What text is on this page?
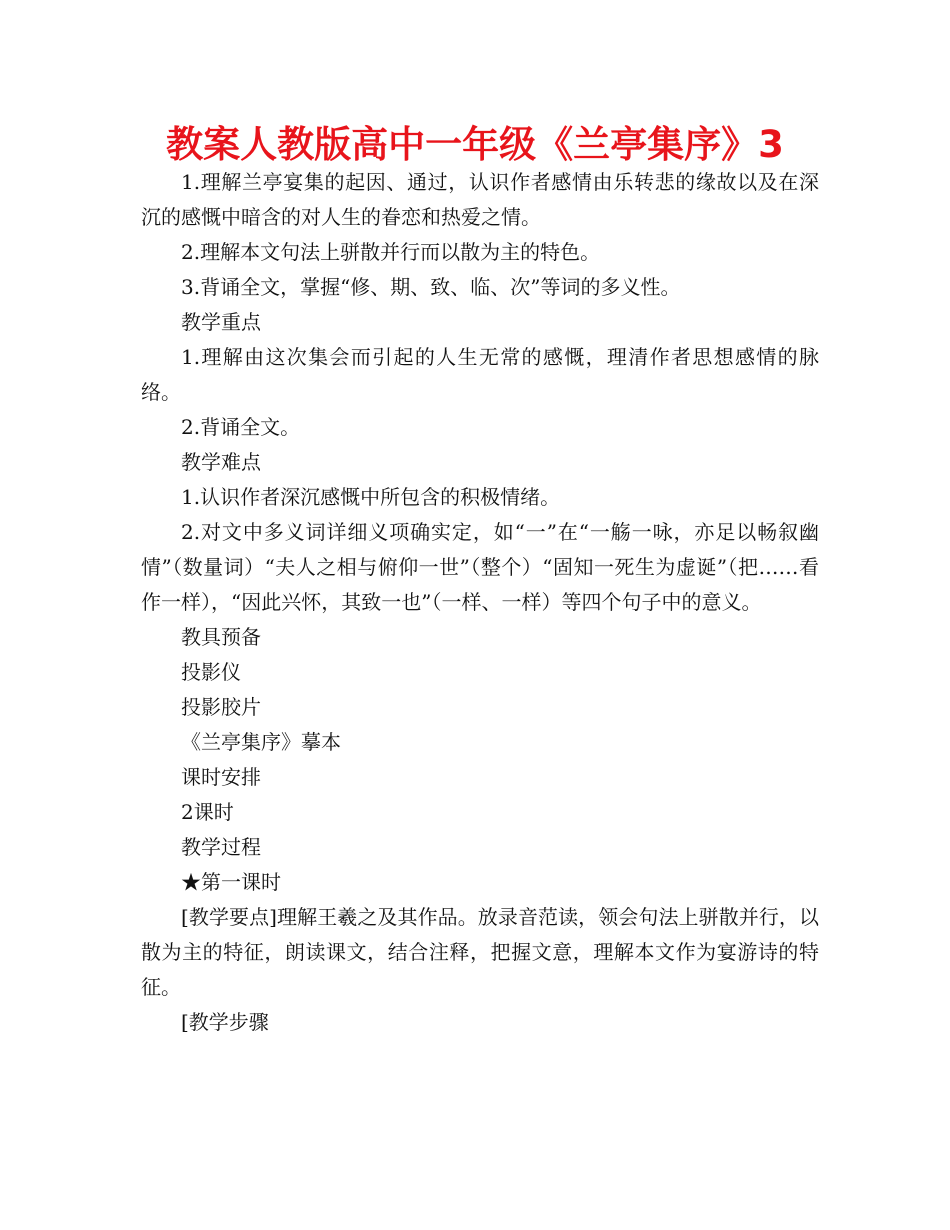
教案人教版高中一年级《兰亭集序》3

1.理解兰亭宴集的起因、通过，认识作者感情由乐转悲的缘故以及在深沉的感慨中暗含的对人生的眷恋和热爱之情。

2.理解本文句法上骈散并行而以散为主的特色。

3.背诵全文，掌握“修、期、致、临、次”等词的多义性。

教学重点

1.理解由这次集会而引起的人生无常的感慨，理清作者思想感情的脉络。

2.背诵全文。

教学难点

1.认识作者深沉感慨中所包含的积极情绪。

2.对文中多义词详细义项确实定，如“一”在“一觞一咏，亦足以畅叙幽情”（数量词）“夫人之相与俯仰一世”（整个）“固知一死生为虚诞”（把……看作一样），“因此兴怀，其致一也”（一样、一样）等四个句子中的意义。

教具预备

投影仪

投影胶片

《兰亭集序》摹本

课时安排

2课时

教学过程

★第一课时

[教学要点]理解王羲之及其作品。放录音范读，领会句法上骈散并行，以散为主的特征，朗读课文，结合注释，把握文意，理解本文作为宴游诗的特征。

[教学步骤
